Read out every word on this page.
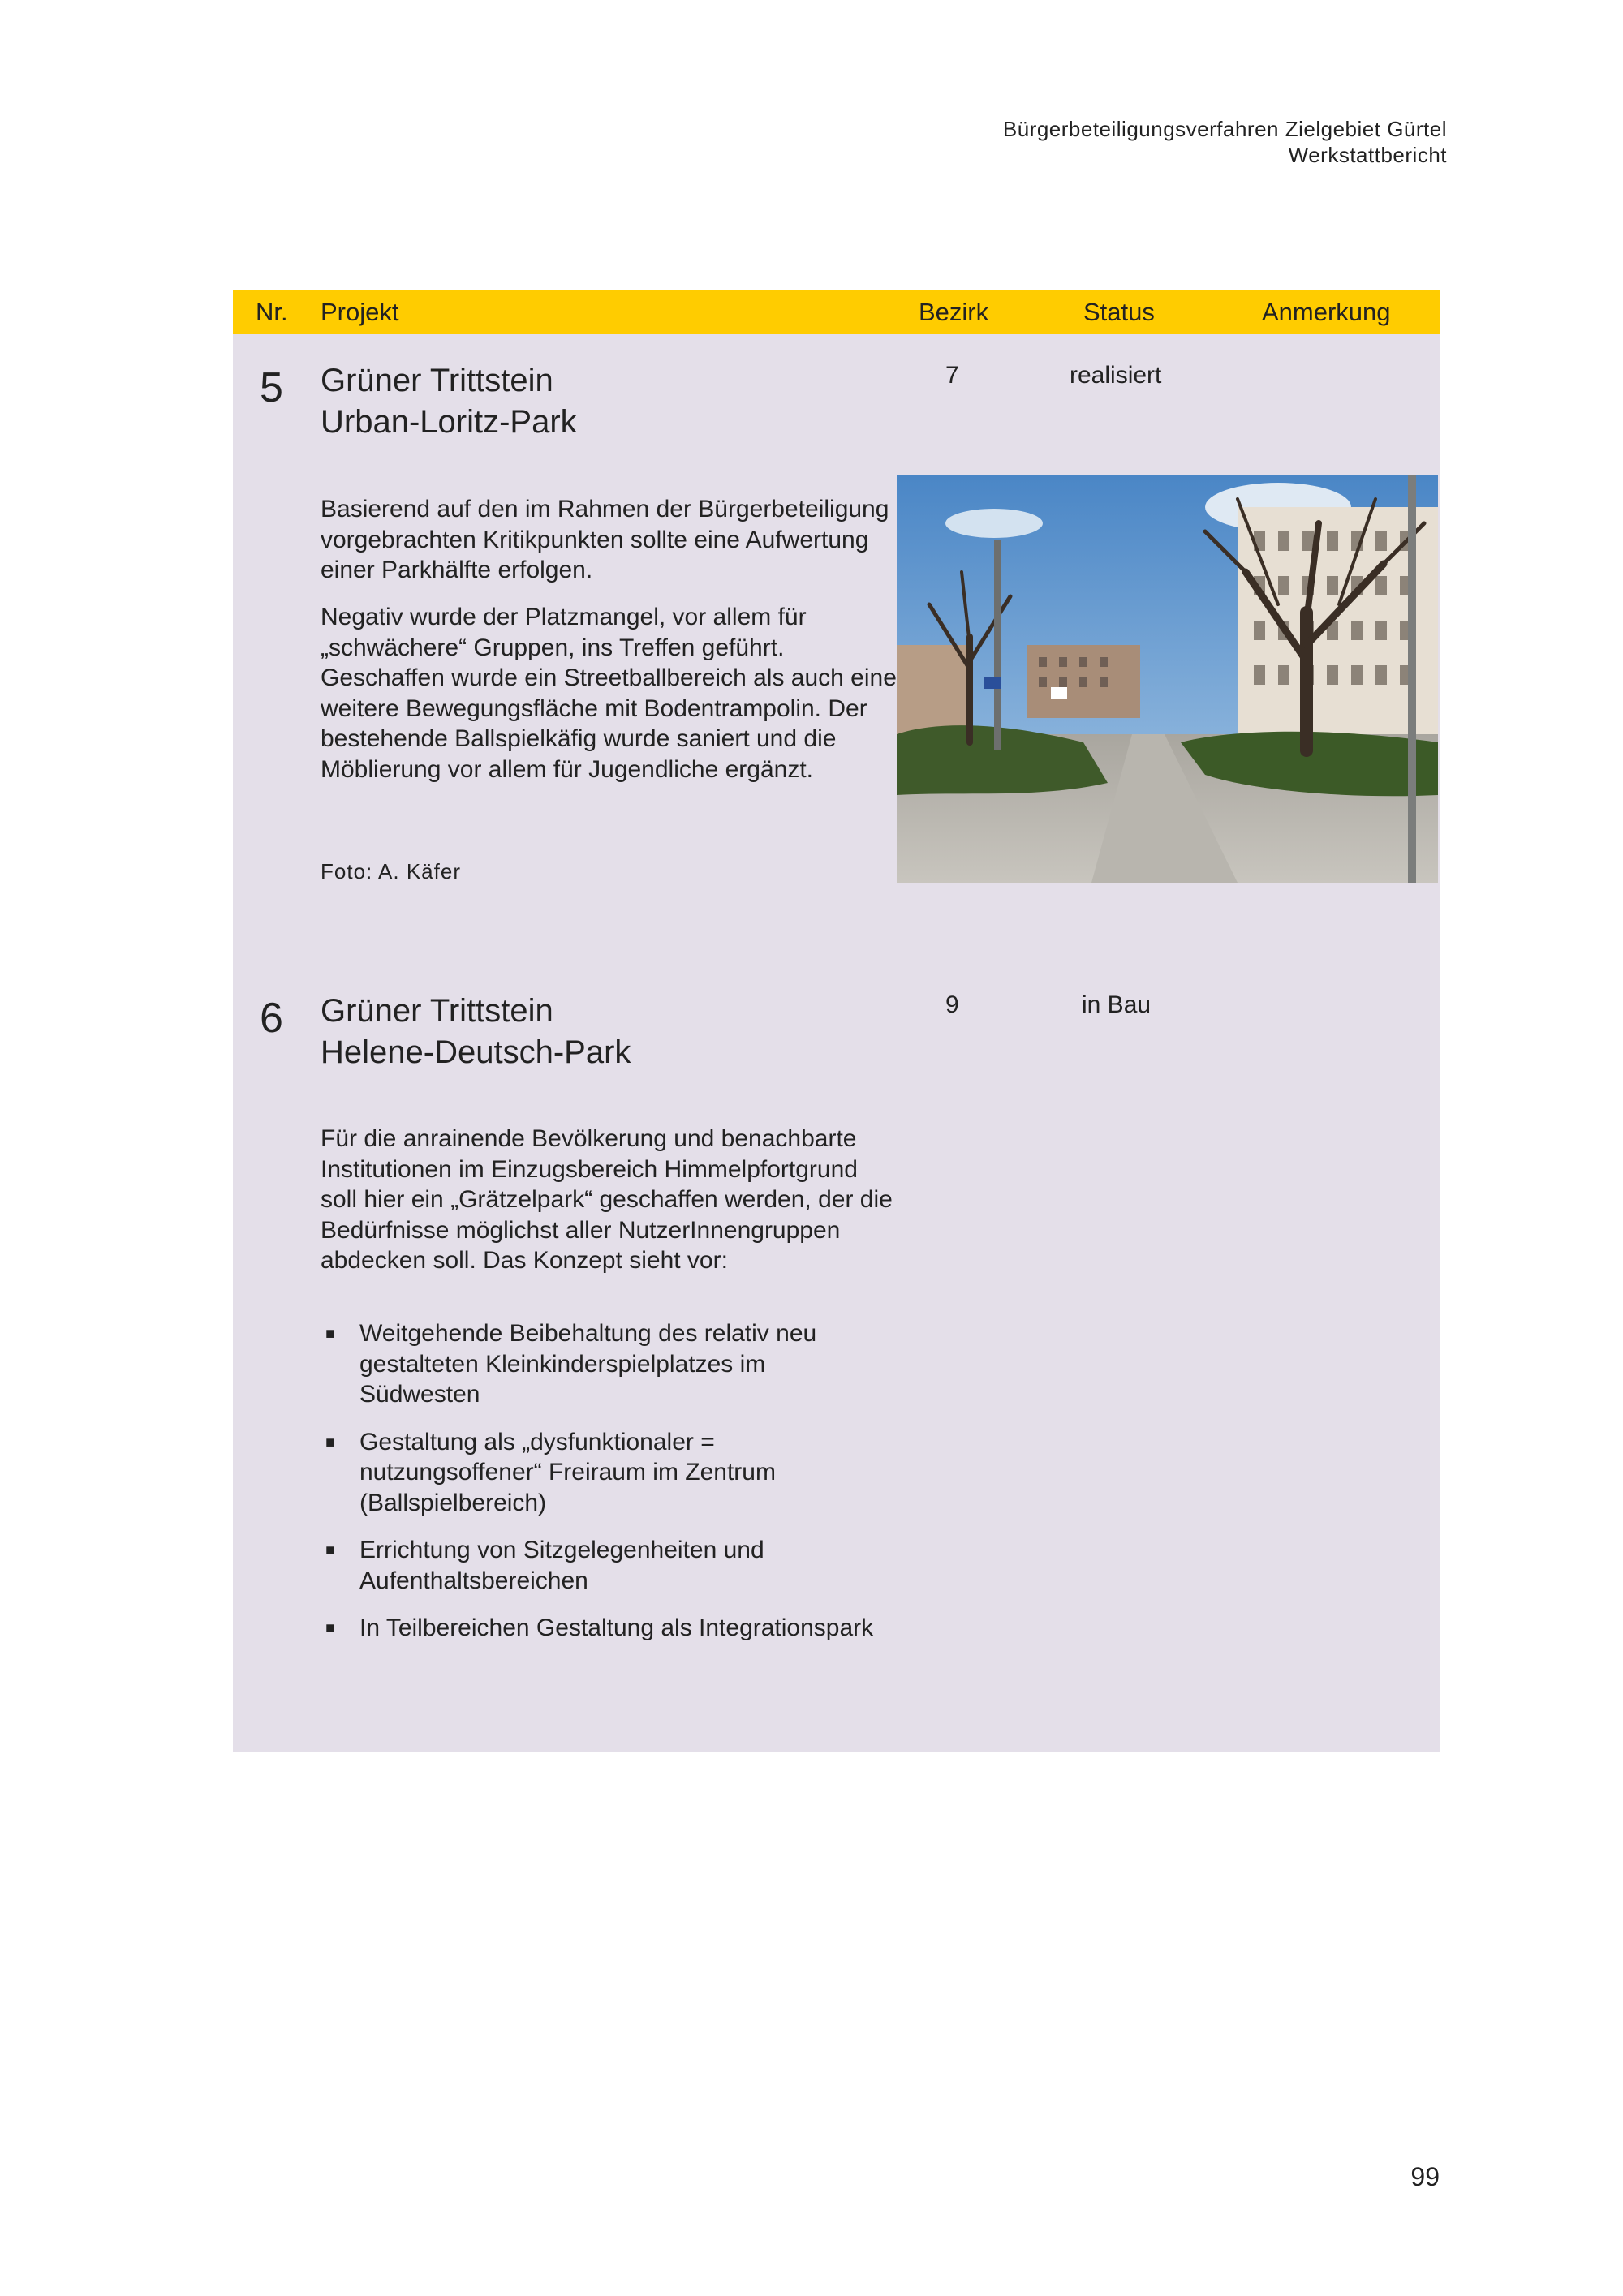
Bürgerbeteiligungsverfahren Zielgebiet Gürtel
Werkstattbericht
Nr. Projekt	Bezirk	Status	Anmerkung
5 Grüner Trittstein
Urban-Loritz-Park
7	realisiert

Basierend auf den im Rahmen der Bürgerbeteiligung vorgebrachten Kritikpunkten sollte eine Aufwertung einer Parkhälfte erfolgen.

Negativ wurde der Platzmangel, vor allem für „schwächere“ Gruppen, ins Treffen geführt. Geschaffen wurde ein Streetballbereich als auch eine weitere Bewegungsfläche mit Bodentrampolin. Der bestehende Ballspielkäfig wurde saniert und die Möblierung vor allem für Jugendliche ergänzt.

Foto: A. Käfer
6 Grüner Trittstein
Helene-Deutsch-Park
9	in Bau

Für die anrainende Bevölkerung und benachbarte Institutionen im Einzugsbereich Himmelpfortgrund soll hier ein „Grätzelpark“ geschaffen werden, der die Bedürfnisse möglichst aller NutzerInnengruppen abdecken soll. Das Konzept sieht vor:

■ Weitgehende Beibehaltung des relativ neu gestalteten Kleinkinderspielplatzes im Südwesten
■ Gestaltung als „dysfunktionaler = nutzungsoffener“ Freiraum im Zentrum (Ballspielbereich)
■ Errichtung von Sitzgelegenheiten und Aufenthaltsbereichen
■ In Teilbereichen Gestaltung als Integrationspark
99
